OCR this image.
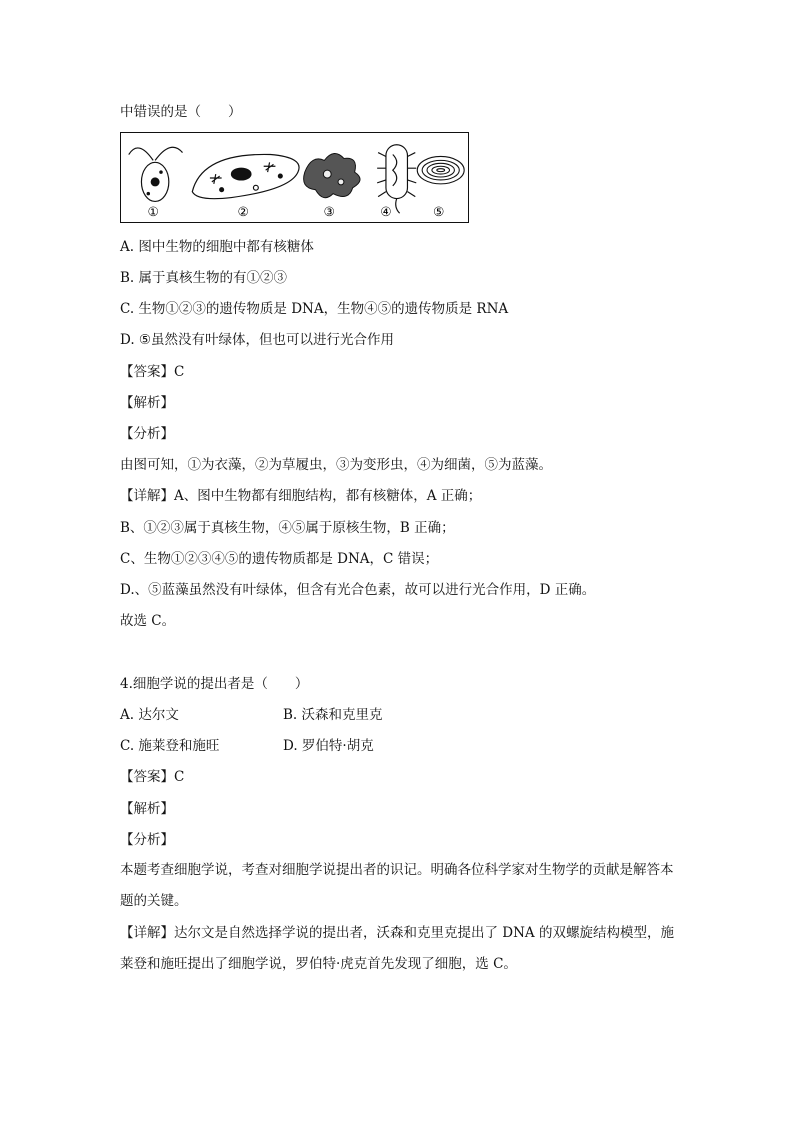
中错误的是（　　）
①	②	③	④	⑤
A. 图中生物的细胞中都有核糖体
B. 属于真核生物的有①②③
C. 生物①②③的遗传物质是 DNA，生物④⑤的遗传物质是 RNA
D. ⑤虽然没有叶绿体，但也可以进行光合作用
【答案】C
【解析】
【分析】
由图可知，①为衣藻，②为草履虫，③为变形虫，④为细菌，⑤为蓝藻。
【详解】A、图中生物都有细胞结构，都有核糖体，A 正确；
B、①②③属于真核生物，④⑤属于原核生物，B 正确；
C、生物①②③④⑤的遗传物质都是 DNA，C 错误；
D.、⑤蓝藻虽然没有叶绿体，但含有光合色素，故可以进行光合作用，D 正确。
故选 C。
4.细胞学说的提出者是（　　）
A. 达尔文	B. 沃森和克里克
C. 施莱登和施旺	D. 罗伯特·胡克
【答案】C
【解析】
【分析】
本题考查细胞学说，考查对细胞学说提出者的识记。明确各位科学家对生物学的贡献是解答本题的关键。
【详解】达尔文是自然选择学说的提出者，沃森和克里克提出了 DNA 的双螺旋结构模型，施莱登和施旺提出了细胞学说，罗伯特·虎克首先发现了细胞，选 C。
